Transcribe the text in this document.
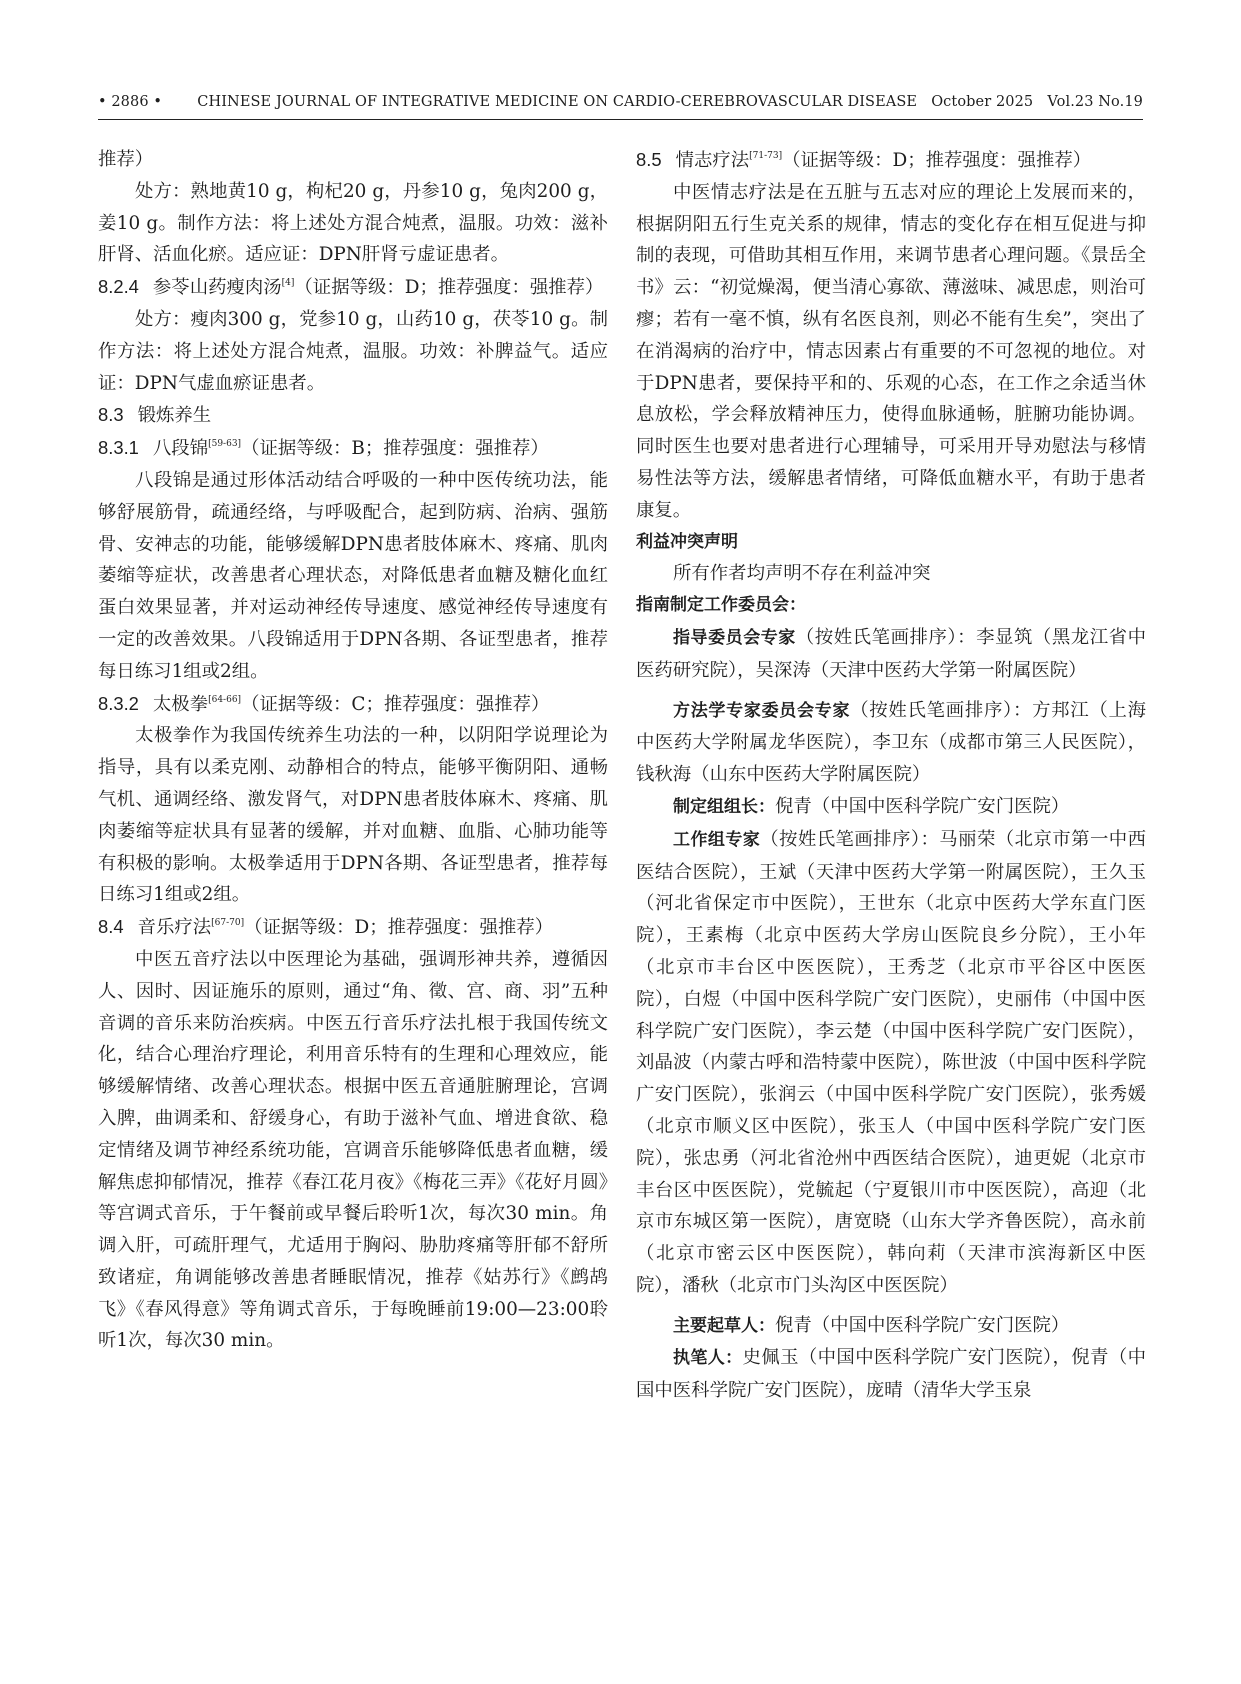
• 2886 • CHINESE JOURNAL OF INTEGRATIVE MEDICINE ON CARDIO-CEREBROVASCULAR DISEASE   October 2025   Vol.23 No.19

推荐）

处方：熟地黄10 g，枸杞20 g，丹参10 g，兔肉200 g，姜10 g。制作方法：将上述处方混合炖煮，温服。功效：滋补肝肾、活血化瘀。适应证：DPN肝肾亏虚证患者。

8.2.4 参苓山药瘦肉汤[4]（证据等级：D；推荐强度：强推荐）

处方：瘦肉300 g，党参10 g，山药10 g，茯苓10 g。制作方法：将上述处方混合炖煮，温服。功效：补脾益气。适应证：DPN气虚血瘀证患者。

8.3 锻炼养生

8.3.1 八段锦[59-63]（证据等级：B；推荐强度：强推荐）

八段锦是通过形体活动结合呼吸的一种中医传统功法，能够舒展筋骨，疏通经络，与呼吸配合，起到防病、治病、强筋骨、安神志的功能，能够缓解DPN患者肢体麻木、疼痛、肌肉萎缩等症状，改善患者心理状态，对降低患者血糖及糖化血红蛋白效果显著，并对运动神经传导速度、感觉神经传导速度有一定的改善效果。八段锦适用于DPN各期、各证型患者，推荐每日练习1组或2组。

8.3.2 太极拳[64-66]（证据等级：C；推荐强度：强推荐）

太极拳作为我国传统养生功法的一种，以阴阳学说理论为指导，具有以柔克刚、动静相合的特点，能够平衡阴阳、通畅气机、通调经络、激发肾气，对DPN患者肢体麻木、疼痛、肌肉萎缩等症状具有显著的缓解，并对血糖、血脂、心肺功能等有积极的影响。太极拳适用于DPN各期、各证型患者，推荐每日练习1组或2组。

8.4 音乐疗法[67-70]（证据等级：D；推荐强度：强推荐）

中医五音疗法以中医理论为基础，强调形神共养，遵循因人、因时、因证施乐的原则，通过“角、徵、宫、商、羽”五种音调的音乐来防治疾病。中医五行音乐疗法扎根于我国传统文化，结合心理治疗理论，利用音乐特有的生理和心理效应，能够缓解情绪、改善心理状态。根据中医五音通脏腑理论，宫调入脾，曲调柔和、舒缓身心，有助于滋补气血、增进食欲、稳定情绪及调节神经系统功能，宫调音乐能够降低患者血糖，缓解焦虑抑郁情况，推荐《春江花月夜》《梅花三弄》《花好月圆》等宫调式音乐，于午餐前或早餐后聆听1次，每次30 min。角调入肝，可疏肝理气，尤适用于胸闷、胁肋疼痛等肝郁不舒所致诸症，角调能够改善患者睡眠情况，推荐《姑苏行》《鹧鸪飞》《春风得意》等角调式音乐，于每晚睡前19:00—23:00聆听1次，每次30 min。

8.5 情志疗法[71-73]（证据等级：D；推荐强度：强推荐）

中医情志疗法是在五脏与五志对应的理论上发展而来的，根据阴阳五行生克关系的规律，情志的变化存在相互促进与抑制的表现，可借助其相互作用，来调节患者心理问题。《景岳全书》云：“初觉燥渴，便当清心寡欲、薄滋味、减思虑，则治可瘳；若有一毫不慎，纵有名医良剂，则必不能有生矣”，突出了在消渴病的治疗中，情志因素占有重要的不可忽视的地位。对于DPN患者，要保持平和的、乐观的心态，在工作之余适当休息放松，学会释放精神压力，使得血脉通畅，脏腑功能协调。同时医生也要对患者进行心理辅导，可采用开导劝慰法与移情易性法等方法，缓解患者情绪，可降低血糖水平，有助于患者康复。

利益冲突声明

所有作者均声明不存在利益冲突

指南制定工作委员会：

指导委员会专家（按姓氏笔画排序）：李显筑（黑龙江省中医药研究院），吴深涛（天津中医药大学第一附属医院）

方法学专家委员会专家（按姓氏笔画排序）：方邦江（上海中医药大学附属龙华医院），李卫东（成都市第三人民医院），钱秋海（山东中医药大学附属医院）

制定组组长：倪青（中国中医科学院广安门医院）

工作组专家（按姓氏笔画排序）：马丽荣（北京市第一中西医结合医院），王斌（天津中医药大学第一附属医院），王久玉（河北省保定市中医院），王世东（北京中医药大学东直门医院），王素梅（北京中医药大学房山医院良乡分院），王小年（北京市丰台区中医医院），王秀芝（北京市平谷区中医医院），白煜（中国中医科学院广安门医院），史丽伟（中国中医科学院广安门医院），李云楚（中国中医科学院广安门医院），刘晶波（内蒙古呼和浩特蒙中医院），陈世波（中国中医科学院广安门医院），张润云（中国中医科学院广安门医院），张秀媛（北京市顺义区中医院），张玉人（中国中医科学院广安门医院），张忠勇（河北省沧州中西医结合医院），迪更妮（北京市丰台区中医医院），党毓起（宁夏银川市中医医院），高迎（北京市东城区第一医院），唐宽晓（山东大学齐鲁医院），高永前（北京市密云区中医医院），韩向莉（天津市滨海新区中医院），潘秋（北京市门头沟区中医医院）

主要起草人：倪青（中国中医科学院广安门医院）

执笔人：史佩玉（中国中医科学院广安门医院），倪青（中国中医科学院广安门医院），庞晴（清华大学玉泉
